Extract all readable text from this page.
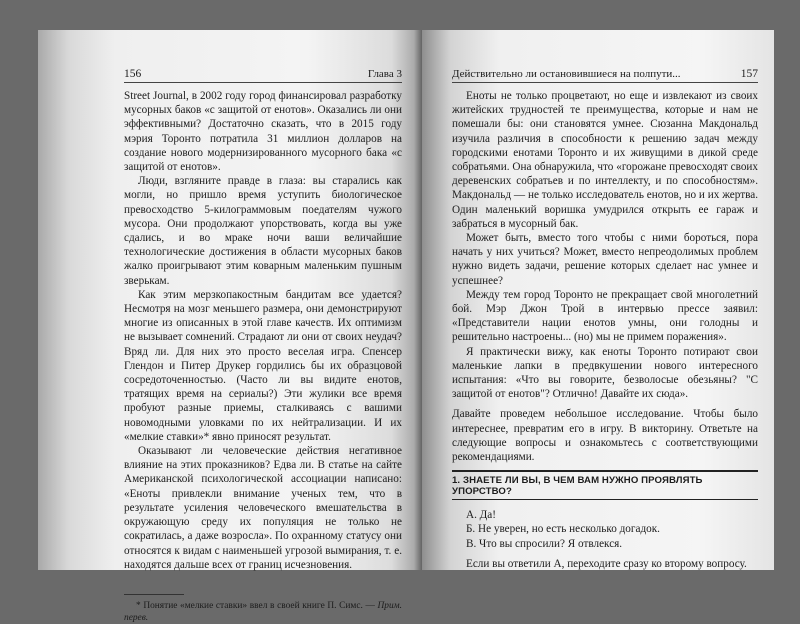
156	Глава 3

Street Journal, в 2002 году город финансировал разработку мусорных баков «с защитой от енотов». Оказались ли они эффективными? Достаточно сказать, что в 2015 году мэрия Торонто потратила 31 миллион долларов на создание нового модернизированного мусорного бака «с защитой от енотов».

Люди, взгляните правде в глаза: вы старались как могли, но пришло время уступить биологическое превосходство 5-килограммовым поедателям чужого мусора. Они продолжают упорствовать, когда вы уже сдались, и во мраке ночи ваши величайшие технологические достижения в области мусорных баков жалко проигрывают этим коварным маленьким пушным зверькам.

Как этим мерзкопакостным бандитам все удается? Несмотря на мозг меньшего размера, они демонстрируют многие из описанных в этой главе качеств. Их оптимизм не вызывает сомнений. Страдают ли они от своих неудач? Вряд ли. Для них это просто веселая игра. Спенсер Глендон и Питер Друкер гордились бы их образцовой сосредоточенностью. (Часто ли вы видите енотов, тратящих время на сериалы?) Эти жулики все время пробуют разные приемы, сталкиваясь с вашими новомодными уловками по их нейтрализации. И их «мелкие ставки»* явно приносят результат.

Оказывают ли человеческие действия негативное влияние на этих проказников? Едва ли. В статье на сайте Американской психологической ассоциации написано: «Еноты привлекли внимание ученых тем, что в результате усиления человеческого вмешательства в окружающую среду их популяция не только не сократилась, а даже возросла». По охранному статусу они относятся к видам с наименьшей угрозой вымирания, т. е. находятся дальше всех от границ исчезновения.

* Понятие «мелкие ставки» ввел в своей книге П. Симс. — Прим. перев.
Действительно ли остановившиеся на полпути...	157

Еноты не только процветают, но еще и извлекают из своих житейских трудностей те преимущества, которые и нам не помешали бы: они становятся умнее. Сюзанна Макдональд изучила различия в способности к решению задач между городскими енотами Торонто и их живущими в дикой среде собратьями. Она обнаружила, что «горожане превосходят своих деревенских собратьев и по интеллекту, и по способностям». Макдональд — не только исследователь енотов, но и их жертва. Один маленький воришка умудрился открыть ее гараж и забраться в мусорный бак.

Может быть, вместо того чтобы с ними бороться, пора начать у них учиться? Может, вместо непреодолимых проблем нужно видеть задачи, решение которых сделает нас умнее и успешнее?

Между тем город Торонто не прекращает свой многолетний бой. Мэр Джон Трой в интервью прессе заявил: «Представители нации енотов умны, они голодны и решительно настроены... (но) мы не примем поражения».

Я практически вижу, как еноты Торонто потирают свои маленькие лапки в предвкушении нового интересного испытания: «Что вы говорите, безволосые обезьяны? "С защитой от енотов"? Отлично! Давайте их сюда».

Давайте проведем небольшое исследование. Чтобы было интереснее, превратим его в игру. В викторину. Ответьте на следующие вопросы и ознакомьтесь с соответствующими рекомендациями.

1. ЗНАЕТЕ ЛИ ВЫ, В ЧЕМ ВАМ НУЖНО ПРОЯВЛЯТЬ УПОРСТВО?
А. Да!
Б. Не уверен, но есть несколько догадок.
В. Что вы спросили? Я отвлекся.

Если вы ответили А, переходите сразу ко второму вопросу.
